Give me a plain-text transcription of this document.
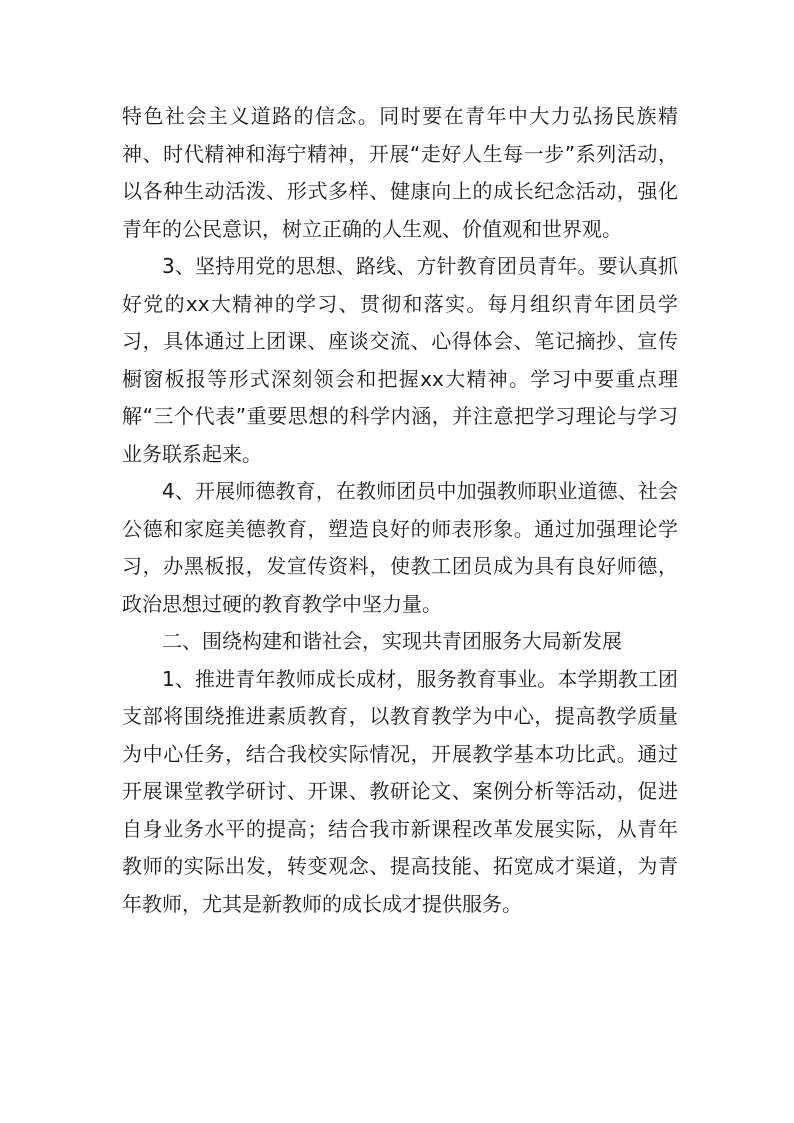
特色社会主义道路的信念。同时要在青年中大力弘扬民族精神、时代精神和海宁精神，开展“走好人生每一步”系列活动，以各种生动活泼、形式多样、健康向上的成长纪念活动，强化青年的公民意识，树立正确的人生观、价值观和世界观。

3、坚持用党的思想、路线、方针教育团员青年。要认真抓好党的xx大精神的学习、贯彻和落实。每月组织青年团员学习，具体通过上团课、座谈交流、心得体会、笔记摘抄、宣传橱窗板报等形式深刻领会和把握xx大精神。学习中要重点理解“三个代表”重要思想的科学内涵，并注意把学习理论与学习业务联系起来。

4、开展师德教育，在教师团员中加强教师职业道德、社会公德和家庭美德教育，塑造良好的师表形象。通过加强理论学习，办黑板报，发宣传资料，使教工团员成为具有良好师德，政治思想过硬的教育教学中坚力量。

二、围绕构建和谐社会，实现共青团服务大局新发展

1、推进青年教师成长成材，服务教育事业。本学期教工团支部将围绕推进素质教育，以教育教学为中心，提高教学质量为中心任务，结合我校实际情况，开展教学基本功比武。通过开展课堂教学研讨、开课、教研论文、案例分析等活动，促进自身业务水平的提高；结合我市新课程改革发展实际，从青年教师的实际出发，转变观念、提高技能、拓宽成才渠道，为青年教师，尤其是新教师的成长成才提供服务。
